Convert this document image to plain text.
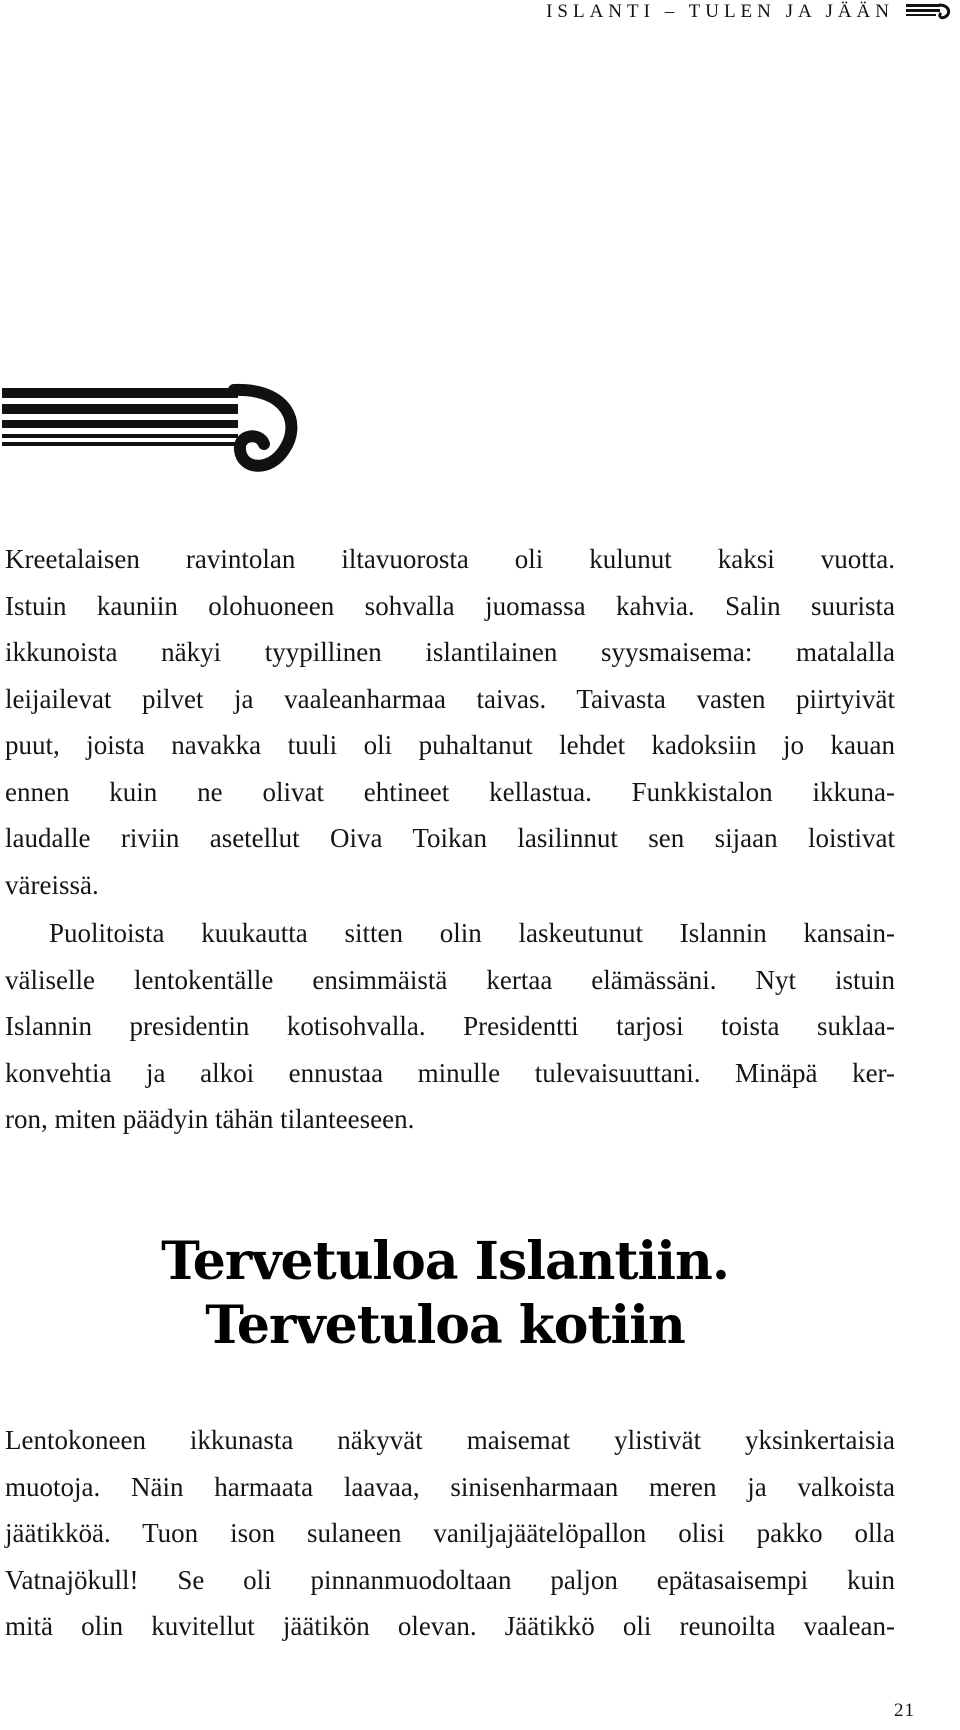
ISLANTI – TULEN JA JÄÄN

Kreetalaisen ravintolan iltavuorosta oli kulunut kaksi vuotta.
Istuin kauniin olohuoneen sohvalla juomassa kahvia. Salin suurista
ikkunoista näkyi tyypillinen islantilainen syysmaisema: matalalla
leijailevat pilvet ja vaaleanharmaa taivas. Taivasta vasten piirtyivät
puut, joista navakka tuuli oli puhaltanut lehdet kadoksiin jo kauan
ennen kuin ne olivat ehtineet kellastua. Funkkistalon ikkuna-
laudalle riviin asetellut Oiva Toikan lasilinnut sen sijaan loistivat

väreissä.

Puolitoista kuukautta sitten olin laskeutunut Islannin kansain-
väliselle lentokentälle ensimmäistä kertaa elämässäni. Nyt istuin
Islannin presidentin kotisohvalla. Presidentti tarjosi toista suklaa-
konvehtia ja alkoi ennustaa minulle tulevaisuuttani. Minäpä ker-

ron, miten päädyin tähän tilanteeseen.

Tervetuloa Islantiin.
Tervetuloa kotiin

Lentokoneen ikkunasta näkyvät maisemat ylistivät yksinkertaisia
muotoja. Näin harmaata laavaa, sinisenharmaan meren ja valkoista
jäätikköä. Tuon ison sulaneen vaniljajäätelöpallon olisi pakko olla
Vatnajökull! Se oli pinnanmuodoltaan paljon epätasaisempi kuin
mitä olin kuvitellut jäätikön olevan. Jäätikkö oli reunoilta vaalean-

21
